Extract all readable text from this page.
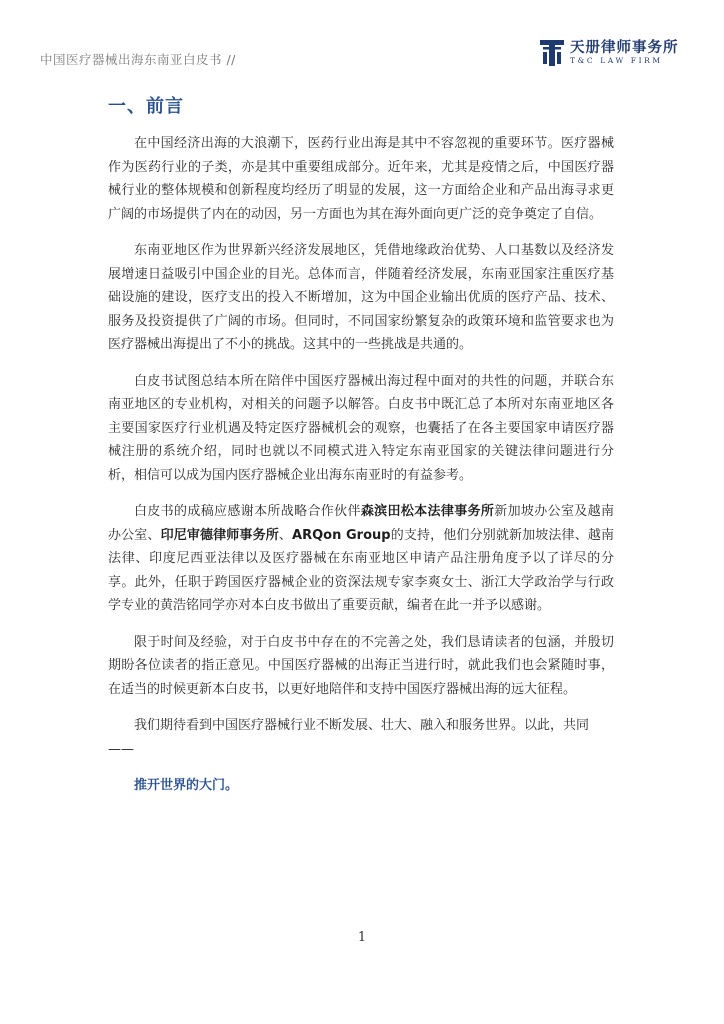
中国医疗器械出海东南亚白皮书 //
天册律师事务所
T&C LAW FIRM
一、前言

在中国经济出海的大浪潮下，医药行业出海是其中不容忽视的重要环节。医疗器械作为医药行业的子类，亦是其中重要组成部分。近年来，尤其是疫情之后，中国医疗器械行业的整体规模和创新程度均经历了明显的发展，这一方面给企业和产品出海寻求更广阔的市场提供了内在的动因，另一方面也为其在海外面向更广泛的竞争奠定了自信。

东南亚地区作为世界新兴经济发展地区，凭借地缘政治优势、人口基数以及经济发展增速日益吸引中国企业的目光。总体而言，伴随着经济发展，东南亚国家注重医疗基础设施的建设，医疗支出的投入不断增加，这为中国企业输出优质的医疗产品、技术、服务及投资提供了广阔的市场。但同时，不同国家纷繁复杂的政策环境和监管要求也为医疗器械出海提出了不小的挑战。这其中的一些挑战是共通的。

白皮书试图总结本所在陪伴中国医疗器械出海过程中面对的共性的问题，并联合东南亚地区的专业机构，对相关的问题予以解答。白皮书中既汇总了本所对东南亚地区各主要国家医疗行业机遇及特定医疗器械机会的观察，也囊括了在各主要国家申请医疗器械注册的系统介绍，同时也就以不同模式进入特定东南亚国家的关键法律问题进行分析，相信可以成为国内医疗器械企业出海东南亚时的有益参考。

白皮书的成稿应感谢本所战略合作伙伴森滨田松本法律事务所新加坡办公室及越南办公室、印尼审德律师事务所、ARQon Group的支持，他们分别就新加坡法律、越南法律、印度尼西亚法律以及医疗器械在东南亚地区申请产品注册角度予以了详尽的分享。此外，任职于跨国医疗器械企业的资深法规专家李爽女士、浙江大学政治学与行政学专业的黄浩铭同学亦对本白皮书做出了重要贡献，编者在此一并予以感谢。

限于时间及经验，对于白皮书中存在的不完善之处，我们恳请读者的包涵，并殷切期盼各位读者的指正意见。中国医疗器械的出海正当进行时，就此我们也会紧随时事，在适当的时候更新本白皮书，以更好地陪伴和支持中国医疗器械出海的远大征程。

我们期待看到中国医疗器械行业不断发展、壮大、融入和服务世界。以此，共同——

推开世界的大门。

1
